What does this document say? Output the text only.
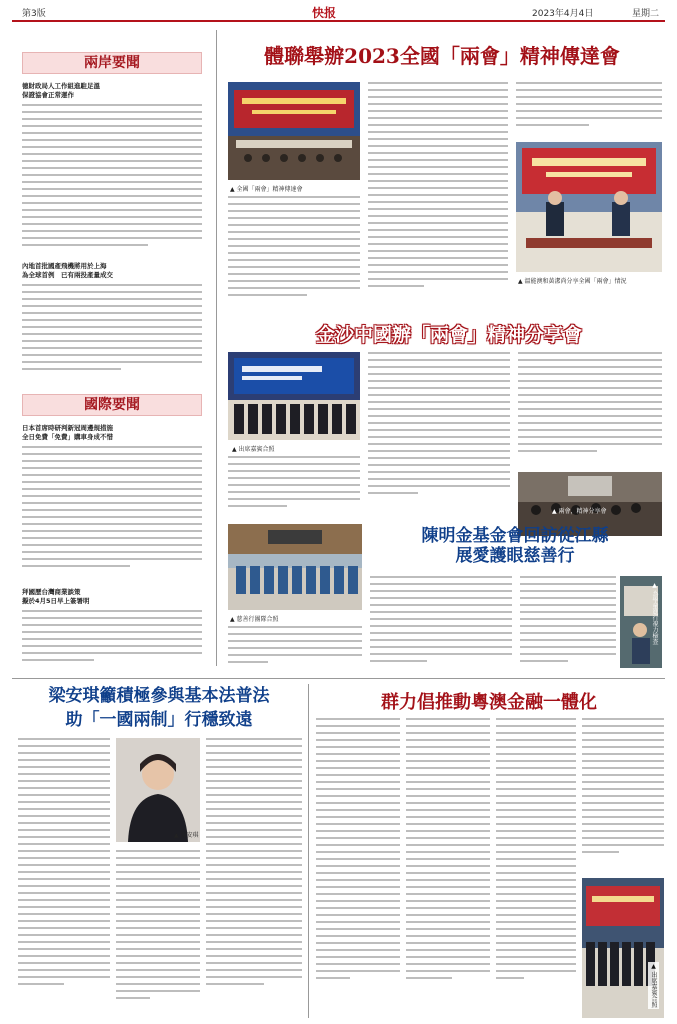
第3版	快报	2023年4月4日	星期二
兩岸要聞
德財政局人工作組進駐足溫
保證協會正常運作
內地首批國產飛機將用於上海
為全球首例　已有兩投產量成交
國際要聞
日本首席時研判新冠周邊規措施
全日免費「免費」購車身成不惜
拜國歷台灣商業談策
擬於4月5日早上簽署明
體聯舉辦2023全國「兩會」精神傳達會
▲ 全國「兩會」精神傳達會
▲ 溫能澳和黃潔尚分享全國「兩會」情況
金沙中國辦「兩會」精神分享會
▲ 出席嘉賓合照
▲ 兩會，精神分享會
陳明金基金會回訪從江縣
展愛護眼慈善行
▲ 慈善行團隊合照	▲ 為學童進行視力檢查
梁安琪籲積極參與基本法普法
助「一國兩制」行穩致遠
▲ 梁安琪
群力倡推動粵澳金融一體化
▲ 出席嘉賓合照
